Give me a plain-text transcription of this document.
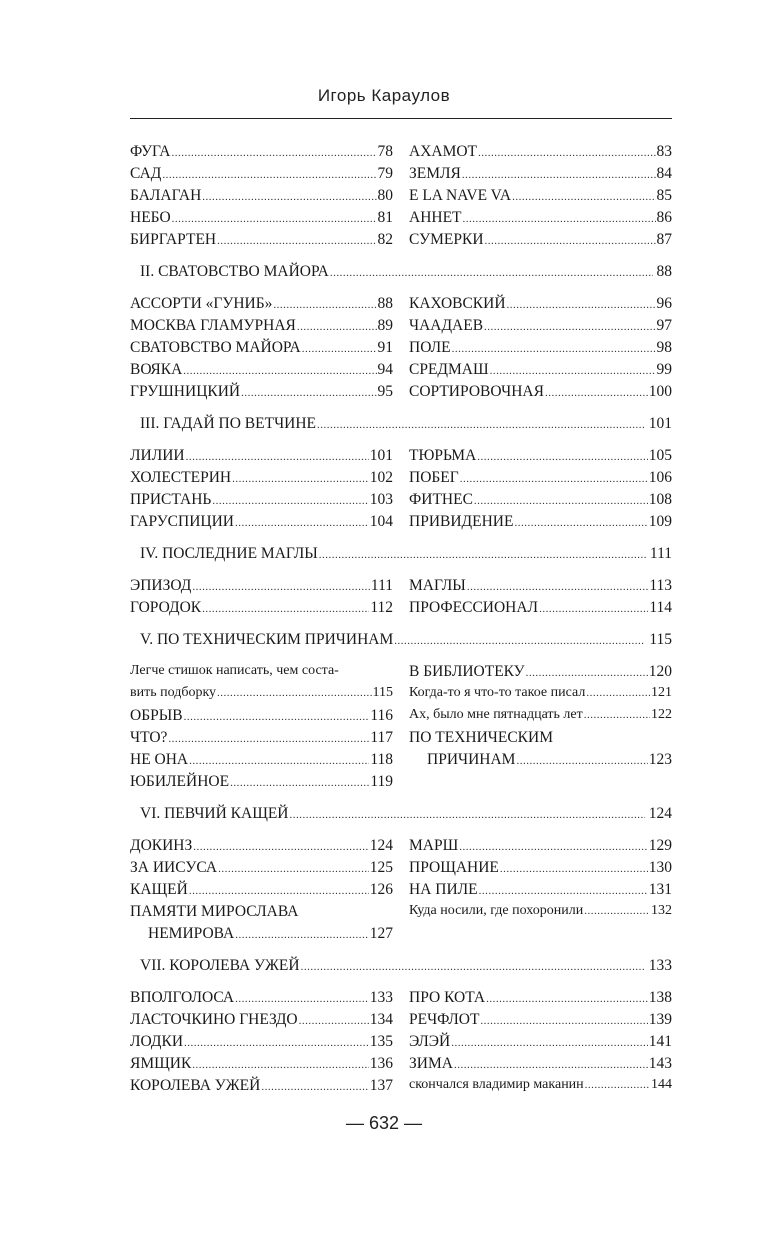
Игорь Караулов
ФУГА .....	78
САД .....	79
БАЛАГАН .....	80
НЕБО .....	81
БИРГАРТЕН .....	82
АХАМОТ .....	83
ЗЕМЛЯ .....	84
E LA NAVE VA .....	85
АННЕТ .....	86
СУМЕРКИ .....	87
II. СВАТОВСТВО МАЙОРА .....	88
АССОРТИ «ГУНИБ» .....	88
МОСКВА ГЛАМУРНАЯ .....	89
СВАТОВСТВО МАЙОРА .....	91
ВОЯКА .....	94
ГРУШНИЦКИЙ .....	95
КАХОВСКИЙ .....	96
ЧААДАЕВ .....	97
ПОЛЕ .....	98
СРЕДМАШ .....	99
СОРТИРОВОЧНАЯ .....	100
III. ГАДАЙ ПО ВЕТЧИНЕ .....	101
ЛИЛИИ .....	101
ХОЛЕСТЕРИН .....	102
ПРИСТАНЬ .....	103
ГАРУСПИЦИИ .....	104
ТЮРЬМА .....	105
ПОБЕГ .....	106
ФИТНЕС .....	108
ПРИВИДЕНИЕ .....	109
IV. ПОСЛЕДНИЕ МАГЛЫ .....	111
ЭПИЗОД .....	111
ГОРОДОК .....	112
МАГЛЫ .....	113
ПРОФЕССИОНАЛ .....	114
V. ПО ТЕХНИЧЕСКИМ ПРИЧИНАМ .....	115
Легче стишок написать, чем соста-
вить подборку .....	115
ОБРЫВ .....	116
ЧТО? .....	117
НЕ ОНА .....	118
ЮБИЛЕЙНОЕ .....	119
В БИБЛИОТЕКУ .....	120
Когда-то я что-то такое писал .....	121
Ах, было мне пятнадцать лет .....	122
ПО ТЕХНИЧЕСКИМ
ПРИЧИНАМ .....	123
VI. ПЕВЧИЙ КАЩЕЙ .....	124
ДОКИНЗ .....	124
ЗА ИИСУСА .....	125
КАЩЕЙ .....	126
ПАМЯТИ МИРОСЛАВА
НЕМИРОВА .....	127
МАРШ .....	129
ПРОЩАНИЕ .....	130
НА ПИЛЕ .....	131
Куда носили, где похоронили .....	132
VII. КОРОЛЕВА УЖЕЙ .....	133
ВПОЛГОЛОСА .....	133
ЛАСТОЧКИНО ГНЕЗДО .....	134
ЛОДКИ .....	135
ЯМЩИК .....	136
КОРОЛЕВА УЖЕЙ .....	137
ПРО КОТА .....	138
РЕЧФЛОТ .....	139
ЭЛЭЙ .....	141
ЗИМА .....	143
скончался владимир маканин .....	144
— 632 —
